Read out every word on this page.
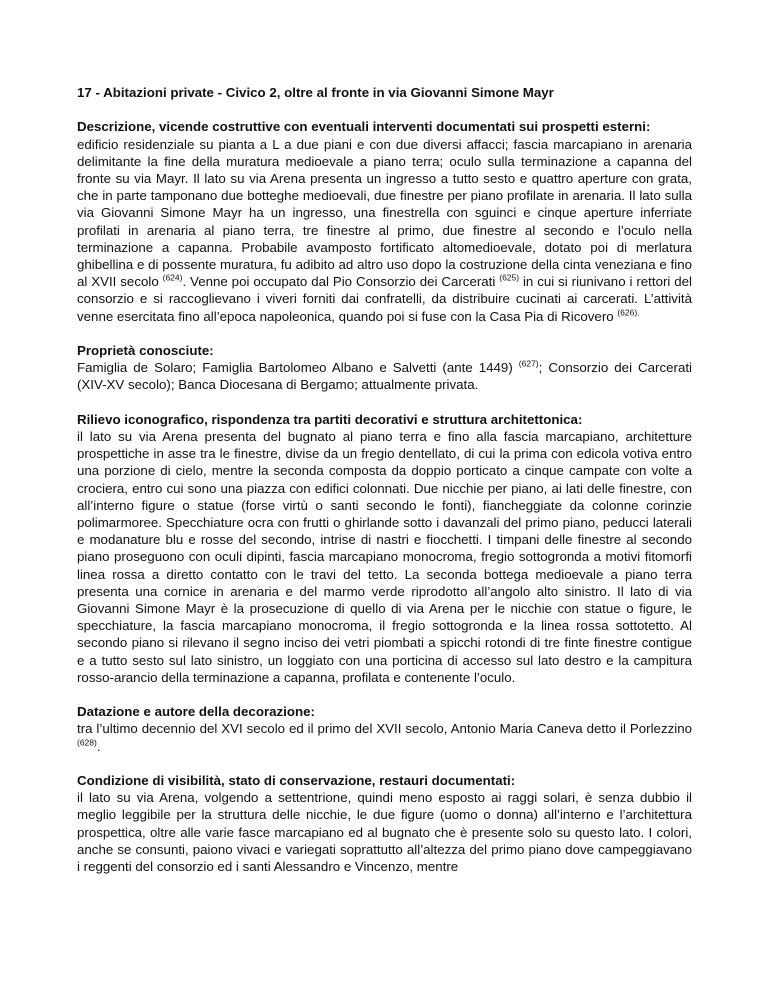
17 - Abitazioni private - Civico 2, oltre al fronte in via Giovanni Simone Mayr
Descrizione, vicende costruttive con eventuali interventi documentati sui prospetti esterni:
edificio residenziale su pianta a L a due piani e con due diversi affacci; fascia marcapiano in arenaria delimitante la fine della muratura medioevale a piano terra; oculo sulla terminazione a capanna del fronte su via Mayr. Il lato su via Arena presenta un ingresso a tutto sesto e quattro aperture con grata, che in parte tamponano due botteghe medioevali, due finestre per piano profilate in arenaria. Il lato sulla via Giovanni Simone Mayr ha un ingresso, una finestrella con sguinci e cinque aperture inferriate profilati in arenaria al piano terra, tre finestre al primo, due finestre al secondo e l’oculo nella terminazione a capanna. Probabile avamposto fortificato altomedioevale, dotato poi di merlatura ghibellina e di possente muratura, fu adibito ad altro uso dopo la costruzione della cinta veneziana e fino al XVII secolo $^{(624)}$. Venne poi occupato dal Pio Consorzio dei Carcerati $^{(625)}$ in cui si riunivano i rettori del consorzio e si raccoglievano i viveri forniti dai confratelli, da distribuire cucinati ai carcerati. L’attività venne esercitata fino all’epoca napoleonica, quando poi si fuse con la Casa Pia di Ricovero $^{(626).}$
Proprietà conosciute:
Famiglia de Solaro; Famiglia Bartolomeo Albano e Salvetti (ante 1449) $^{(627)}$; Consorzio dei Carcerati (XIV-XV secolo); Banca Diocesana di Bergamo; attualmente privata.
Rilievo iconografico, rispondenza tra partiti decorativi e struttura architettonica:
il lato su via Arena presenta del bugnato al piano terra e fino alla fascia marcapiano, architetture prospettiche in asse tra le finestre, divise da un fregio dentellato, di cui la prima con edicola votiva entro una porzione di cielo, mentre la seconda composta da doppio porticato a cinque campate con volte a crociera, entro cui sono una piazza con edifici colonnati. Due nicchie per piano, ai lati delle finestre, con all’interno figure o statue (forse virtù o santi secondo le fonti), fiancheggiate da colonne corinzie polimarmoree. Specchiature ocra con frutti o ghirlande sotto i davanzali del primo piano, peducci laterali e modanature blu e rosse del secondo, intrise di nastri e fiocchetti. I timpani delle finestre al secondo piano proseguono con oculi dipinti, fascia marcapiano monocroma, fregio sottogronda a motivi fitomorfi linea rossa a diretto contatto con le travi del tetto. La seconda bottega medioevale a piano terra presenta una cornice in arenaria e del marmo verde riprodotto all’angolo alto sinistro. Il lato di via Giovanni Simone Mayr è la prosecuzione di quello di via Arena per le nicchie con statue o figure, le specchiature, la fascia marcapiano monocroma, il fregio sottogronda e la linea rossa sottotetto. Al secondo piano si rilevano il segno inciso dei vetri piombati a spicchi rotondi di tre finte finestre contigue e a tutto sesto sul lato sinistro, un loggiato con una porticina di accesso sul lato destro e la campitura rosso-arancio della terminazione a capanna, profilata e contenente l’oculo.
Datazione e autore della decorazione:
tra l’ultimo decennio del XVI secolo ed il primo del XVII secolo, Antonio Maria Caneva detto il Porlezzino $^{(628)}$.
Condizione di visibilità, stato di conservazione, restauri documentati:
il lato su via Arena, volgendo a settentrione, quindi meno esposto ai raggi solari, è senza dubbio il meglio leggibile per la struttura delle nicchie, le due figure (uomo o donna) all’interno e l’architettura prospettica, oltre alle varie fasce marcapiano ed al bugnato che è presente solo su questo lato. I colori, anche se consunti, paiono vivaci e variegati soprattutto all’altezza del primo piano dove campeggiavano i reggenti del consorzio ed i santi Alessandro e Vincenzo, mentre
